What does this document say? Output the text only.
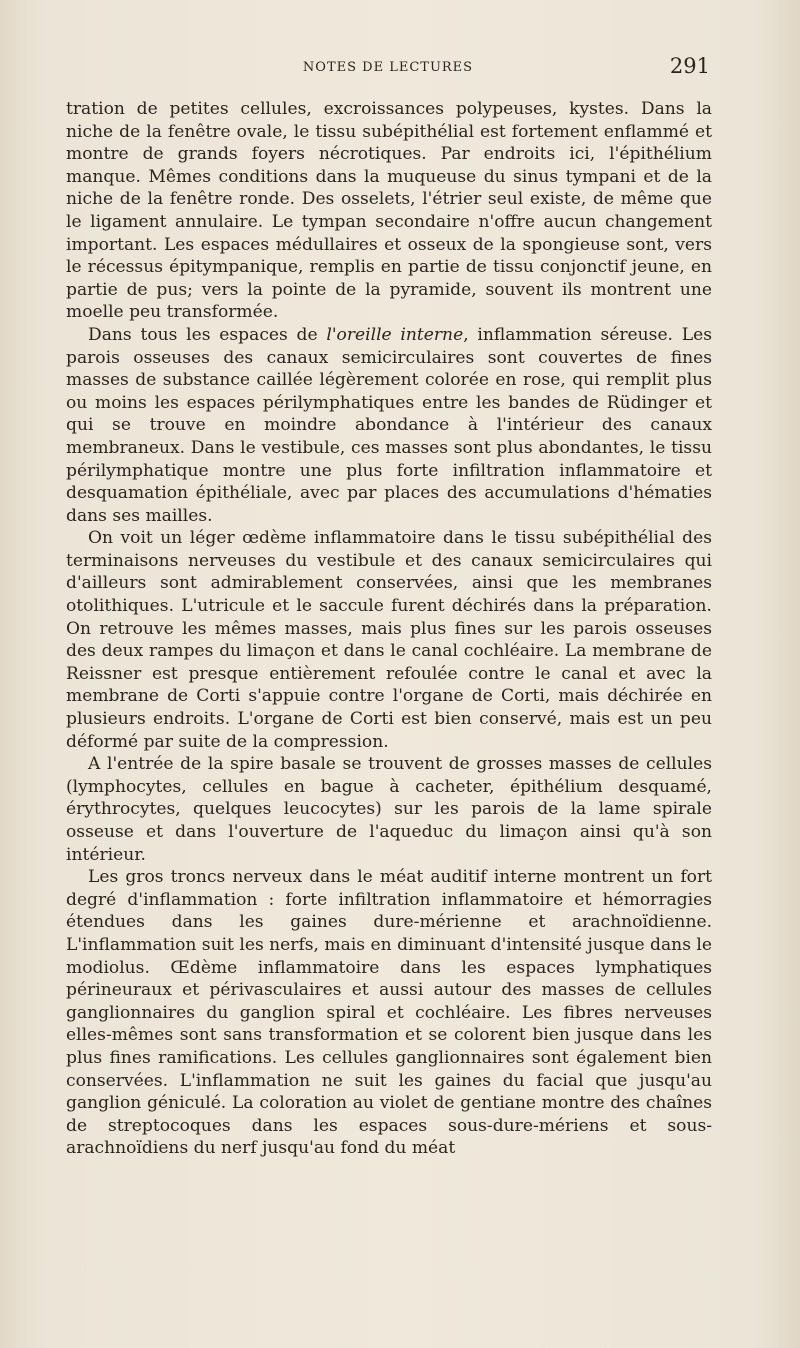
NOTES DE LECTURES	291

tration de petites cellules, excroissances polypeuses, kystes. Dans la niche de la fenêtre ovale, le tissu subépithélial est fortement enflammé et montre de grands foyers nécrotiques. Par endroits ici, l'épithélium manque. Mêmes conditions dans la muqueuse du sinus tympani et de la niche de la fenêtre ronde. Des osselets, l'étrier seul existe, de même que le ligament annulaire. Le tympan secondaire n'offre aucun changement important. Les espaces médullaires et osseux de la spongieuse sont, vers le récessus épitympanique, remplis en partie de tissu conjonctif jeune, en partie de pus; vers la pointe de la pyramide, souvent ils montrent une moelle peu transformée.

Dans tous les espaces de l'oreille interne, inflammation séreuse. Les parois osseuses des canaux semicirculaires sont couvertes de fines masses de substance caillée légèrement colorée en rose, qui remplit plus ou moins les espaces périlymphatiques entre les bandes de Rüdinger et qui se trouve en moindre abondance à l'intérieur des canaux membraneux. Dans le vestibule, ces masses sont plus abondantes, le tissu périlymphatique montre une plus forte infiltration inflammatoire et desquamation épithéliale, avec par places des accumulations d'hématies dans ses mailles.

On voit un léger œdème inflammatoire dans le tissu subépithélial des terminaisons nerveuses du vestibule et des canaux semicirculaires qui d'ailleurs sont admirablement conservées, ainsi que les membranes otolithiques. L'utricule et le saccule furent déchirés dans la préparation. On retrouve les mêmes masses, mais plus fines sur les parois osseuses des deux rampes du limaçon et dans le canal cochléaire. La membrane de Reissner est presque entièrement refoulée contre le canal et avec la membrane de Corti s'appuie contre l'organe de Corti, mais déchirée en plusieurs endroits. L'organe de Corti est bien conservé, mais est un peu déformé par suite de la compression.

A l'entrée de la spire basale se trouvent de grosses masses de cellules (lymphocytes, cellules en bague à cacheter, épithélium desquamé, érythrocytes, quelques leucocytes) sur les parois de la lame spirale osseuse et dans l'ouverture de l'aqueduc du limaçon ainsi qu'à son intérieur.

Les gros troncs nerveux dans le méat auditif interne montrent un fort degré d'inflammation : forte infiltration inflammatoire et hémorragies étendues dans les gaines dure-mérienne et arachnoïdienne. L'inflammation suit les nerfs, mais en diminuant d'intensité jusque dans le modiolus. Œdème inflammatoire dans les espaces lymphatiques périneuraux et périvasculaires et aussi autour des masses de cellules ganglionnaires du ganglion spiral et cochléaire. Les fibres nerveuses elles-mêmes sont sans transformation et se colorent bien jusque dans les plus fines ramifications. Les cellules ganglionnaires sont également bien conservées. L'inflammation ne suit les gaines du facial que jusqu'au ganglion géniculé. La coloration au violet de gentiane montre des chaînes de streptocoques dans les espaces sous-dure-mériens et sous-arachnoïdiens du nerf jusqu'au fond du méat
